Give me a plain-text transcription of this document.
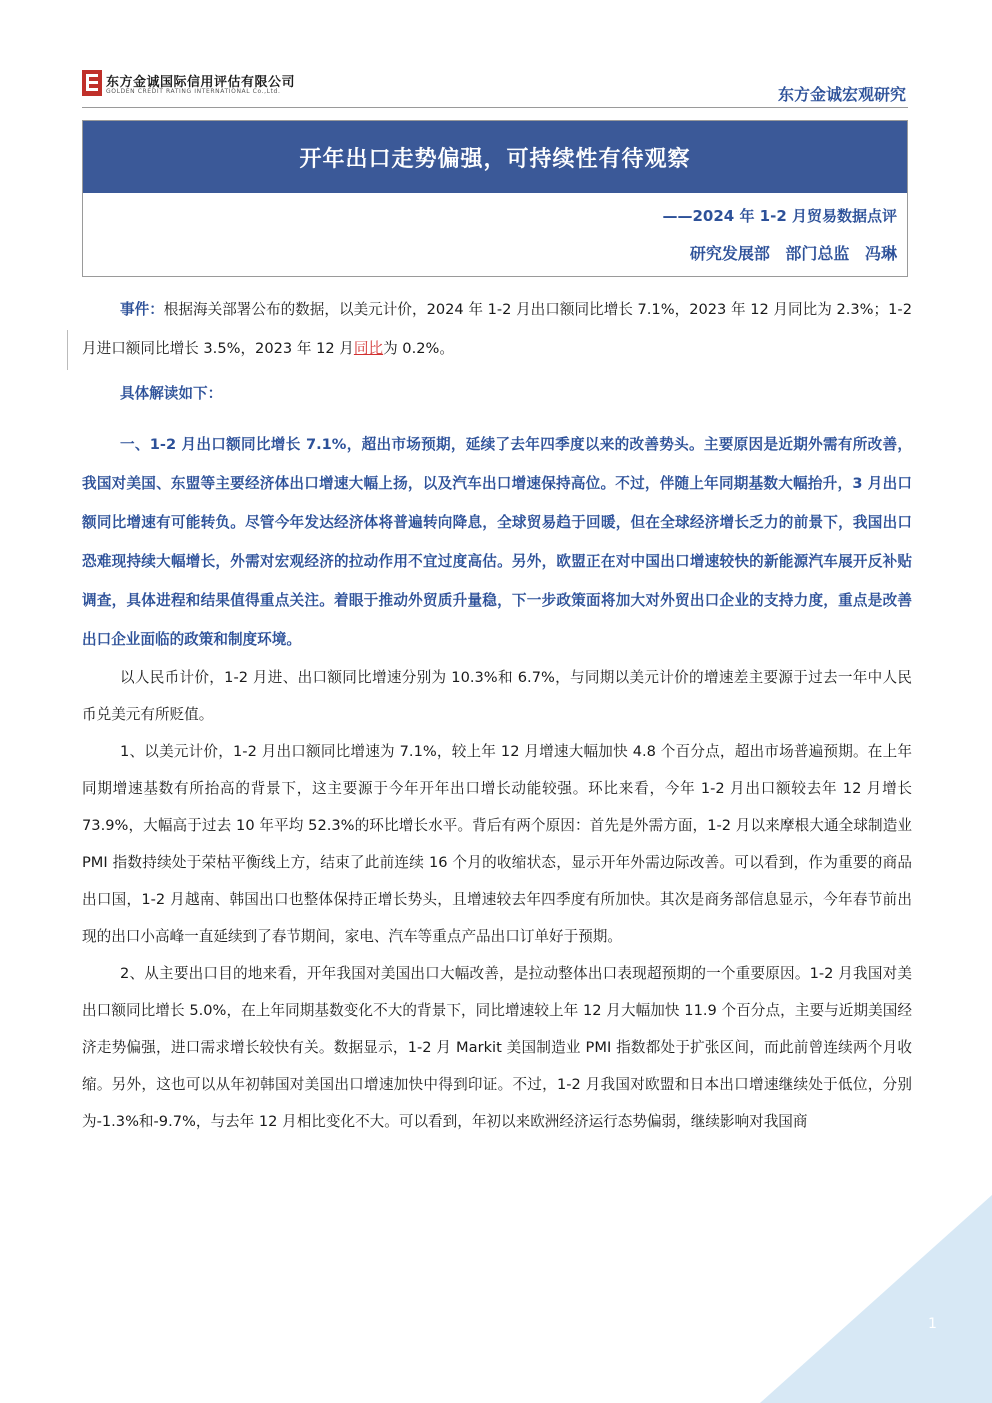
东方金诚国际信用评估有限公司
GOLDEN CREDIT RATING INTERNATIONAL Co.,Ltd.	东方金诚宏观研究
开年出口走势偏强，可持续性有待观察
——2024 年 1-2 月贸易数据点评
研究发展部 部门总监 冯琳

事件：根据海关部署公布的数据，以美元计价，2024 年 1-2 月出口额同比增长 7.1%，2023 年 12 月同比为 2.3%；1-2 月进口额同比增长 3.5%，2023 年 12 月同比为 0.2%。

具体解读如下：

一、1-2 月出口额同比增长 7.1%，超出市场预期，延续了去年四季度以来的改善势头。主要原因是近期外需有所改善，我国对美国、东盟等主要经济体出口增速大幅上扬，以及汽车出口增速保持高位。不过，伴随上年同期基数大幅抬升，3 月出口额同比增速有可能转负。尽管今年发达经济体将普遍转向降息，全球贸易趋于回暖，但在全球经济增长乏力的前景下，我国出口恐难现持续大幅增长，外需对宏观经济的拉动作用不宜过度高估。另外，欧盟正在对中国出口增速较快的新能源汽车展开反补贴调查，具体进程和结果值得重点关注。着眼于推动外贸质升量稳，下一步政策面将加大对外贸出口企业的支持力度，重点是改善出口企业面临的政策和制度环境。

以人民币计价，1-2 月进、出口额同比增速分别为 10.3%和 6.7%，与同期以美元计价的增速差主要源于过去一年中人民币兑美元有所贬值。

1、以美元计价，1-2 月出口额同比增速为 7.1%，较上年 12 月增速大幅加快 4.8 个百分点，超出市场普遍预期。在上年同期增速基数有所抬高的背景下，这主要源于今年开年出口增长动能较强。环比来看，今年 1-2 月出口额较去年 12 月增长 73.9%，大幅高于过去 10 年平均 52.3%的环比增长水平。背后有两个原因：首先是外需方面，1-2 月以来摩根大通全球制造业 PMI 指数持续处于荣枯平衡线上方，结束了此前连续 16 个月的收缩状态，显示开年外需边际改善。可以看到，作为重要的商品出口国，1-2 月越南、韩国出口也整体保持正增长势头，且增速较去年四季度有所加快。其次是商务部信息显示，今年春节前出现的出口小高峰一直延续到了春节期间，家电、汽车等重点产品出口订单好于预期。

2、从主要出口目的地来看，开年我国对美国出口大幅改善，是拉动整体出口表现超预期的一个重要原因。1-2 月我国对美出口额同比增长 5.0%，在上年同期基数变化不大的背景下，同比增速较上年 12 月大幅加快 11.9 个百分点，主要与近期美国经济走势偏强，进口需求增长较快有关。数据显示，1-2 月 Markit 美国制造业 PMI 指数都处于扩张区间，而此前曾连续两个月收缩。另外，这也可以从年初韩国对美国出口增速加快中得到印证。不过，1-2 月我国对欧盟和日本出口增速继续处于低位，分别为-1.3%和-9.7%，与去年 12 月相比变化不大。可以看到，年初以来欧洲经济运行态势偏弱，继续影响对我国商

1
